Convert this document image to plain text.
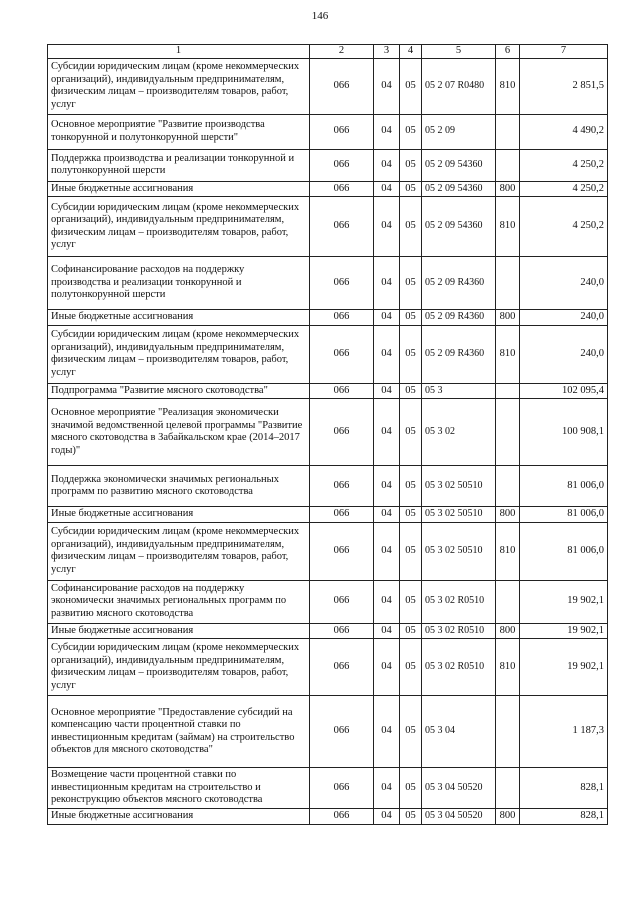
146
1	2	3	4	5	6	7
Субсидии юридическим лицам (кроме некоммерческих организаций), индивидуальным предпринимателям, физическим лицам – производителям товаров, работ, услуг	066	04	05	05 2 07 R0480	810	2 851,5
Основное мероприятие "Развитие производства тонкорунной и полутонкорунной шерсти"	066	04	05	05 2 09		4 490,2
Поддержка производства и реализации тонкорунной и полутонкорунной шерсти	066	04	05	05 2 09 54360		4 250,2
Иные бюджетные ассигнования	066	04	05	05 2 09 54360	800	4 250,2
Субсидии юридическим лицам (кроме некоммерческих организаций), индивидуальным предпринимателям, физическим лицам – производителям товаров, работ, услуг	066	04	05	05 2 09 54360	810	4 250,2
Софинансирование расходов на поддержку производства и реализации тонкорунной и полутонкорунной шерсти	066	04	05	05 2 09 R4360		240,0
Иные бюджетные ассигнования	066	04	05	05 2 09 R4360	800	240,0
Субсидии юридическим лицам (кроме некоммерческих организаций), индивидуальным предпринимателям, физическим лицам – производителям товаров, работ, услуг	066	04	05	05 2 09 R4360	810	240,0
Подпрограмма "Развитие мясного скотоводства"	066	04	05	05 3		102 095,4
Основное мероприятие "Реализация экономически значимой ведомственной целевой программы "Развитие мясного скотоводства в Забайкальском крае (2014–2017 годы)"	066	04	05	05 3 02		100 908,1
Поддержка экономически значимых региональных программ по развитию мясного скотоводства	066	04	05	05 3 02 50510		81 006,0
Иные бюджетные ассигнования	066	04	05	05 3 02 50510	800	81 006,0
Субсидии юридическим лицам (кроме некоммерческих организаций), индивидуальным предпринимателям, физическим лицам – производителям товаров, работ, услуг	066	04	05	05 3 02 50510	810	81 006,0
Софинансирование расходов на поддержку экономически значимых региональных программ по развитию мясного скотоводства	066	04	05	05 3 02 R0510		19 902,1
Иные бюджетные ассигнования	066	04	05	05 3 02 R0510	800	19 902,1
Субсидии юридическим лицам (кроме некоммерческих организаций), индивидуальным предпринимателям, физическим лицам – производителям товаров, работ, услуг	066	04	05	05 3 02 R0510	810	19 902,1
Основное мероприятие "Предоставление субсидий на компенсацию части процентной ставки по инвестиционным кредитам (займам) на строительство объектов для мясного скотоводства"	066	04	05	05 3 04		1 187,3
Возмещение части процентной ставки по инвестиционным кредитам на строительство и реконструкцию объектов мясного скотоводства	066	04	05	05 3 04 50520		828,1
Иные бюджетные ассигнования	066	04	05	05 3 04 50520	800	828,1
